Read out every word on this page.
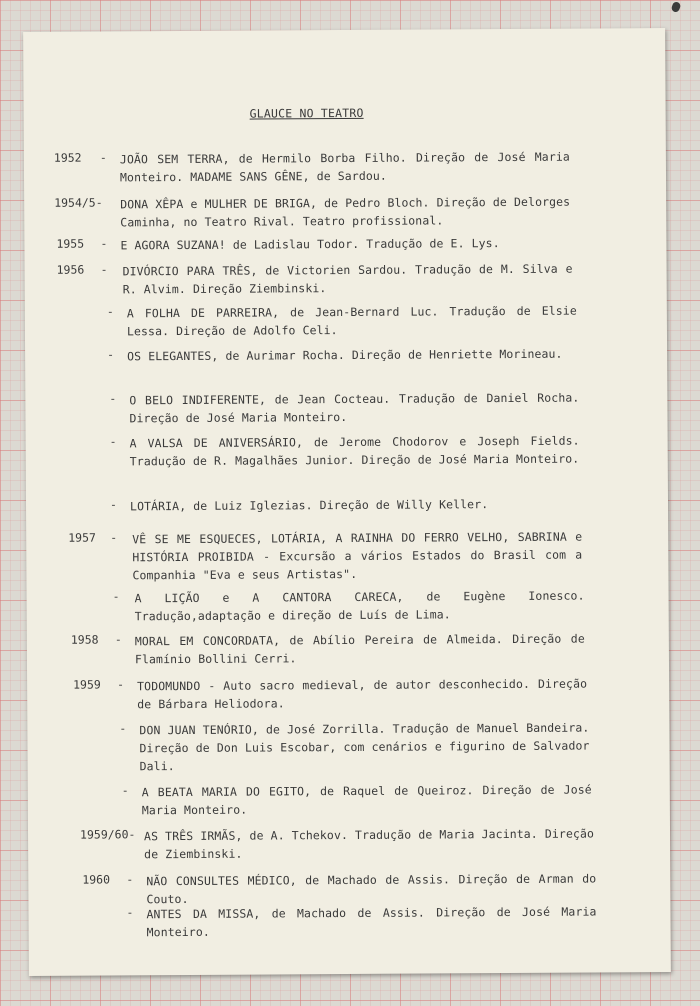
GLAUCE NO TEATRO
1952 - JOÃO SEM TERRA, de Hermilo Borba Filho. Direção de José Maria Monteiro. MADAME SANS GÊNE, de Sardou.
1954/5- DONA XÊPA e MULHER DE BRIGA, de Pedro Bloch. Direção de Delorges Caminha, no Teatro Rival. Teatro profissional.
1955 - E AGORA SUZANA! de Ladislau Todor. Tradução de E. Lys.
1956 - DIVÓRCIO PARA TRÊS, de Victorien Sardou. Tradução de M. Silva e R. Alvim. Direção Ziembinski.
- A FOLHA DE PARREIRA, de Jean-Bernard Luc. Tradução de Elsie Lessa. Direção de Adolfo Celi.
- OS ELEGANTES, de Aurimar Rocha. Direção de Henriette Morineau.
- O BELO INDIFERENTE, de Jean Cocteau. Tradução de Daniel Rocha. Direção de José Maria Monteiro.
- A VALSA DE ANIVERSÁRIO, de Jerome Chodorov e Joseph Fields. Tradução de R. Magalhães Junior. Direção de José Maria Monteiro.
- LOTÁRIA, de Luiz Iglezias. Direção de Willy Keller.
1957 - VÊ SE ME ESQUECES, LOTÁRIA, A RAINHA DO FERRO VELHO, SABRINA e HISTÓRIA PROIBIDA - Excursão a vários Estados do Brasil com a Companhia "Eva e seus Artistas".
- A LIÇÃO e A CANTORA CARECA, de Eugène Ionesco. Tradução,adaptação e direção de Luís de Lima.
1958 - MORAL EM CONCORDATA, de Abílio Pereira de Almeida. Direção de Flamínio Bollini Cerri.
1959 - TODOMUNDO - Auto sacro medieval, de autor desconhecido. Direção de Bárbara Heliodora.
- DON JUAN TENÓRIO, de José Zorrilla. Tradução de Manuel Bandeira. Direção de Don Luis Escobar, com cenários e figurino de Salvador Dali.
- A BEATA MARIA DO EGITO, de Raquel de Queiroz. Direção de José Maria Monteiro.
1959/60- AS TRÊS IRMÃS, de A. Tchekov. Tradução de Maria Jacinta. Direção de Ziembinski.
1960 - NÃO CONSULTES MÉDICO, de Machado de Assis. Direção de Arman do Couto.
- ANTES DA MISSA, de Machado de Assis. Direção de José Maria Monteiro.
